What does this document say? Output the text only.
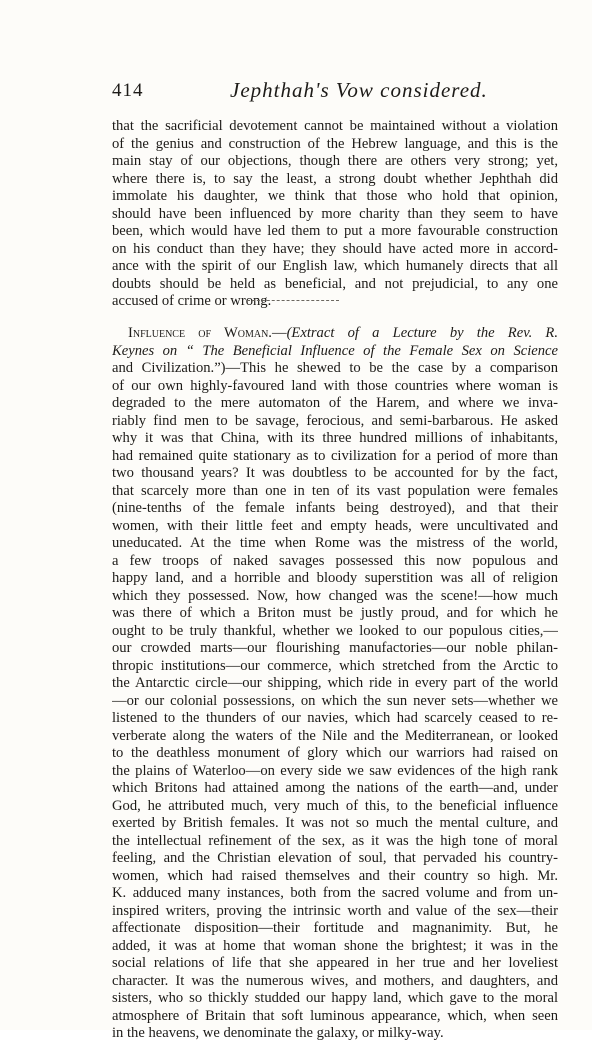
414	Jephthah's Vow considered.
that the sacrificial devotement cannot be maintained without a violation
of the genius and construction of the Hebrew language, and this is the
main stay of our objections, though there are others very strong; yet,
where there is, to say the least, a strong doubt whether Jephthah did
immolate his daughter, we think that those who hold that opinion,
should have been influenced by more charity than they seem to have
been, which would have led them to put a more favourable construction
on his conduct than they have; they should have acted more in accord-
ance with the spirit of our English law, which humanely directs that all
doubts should be held as beneficial, and not prejudicial, to any one
accused of crime or wrong.
Influence of Woman.—(Extract of a Lecture by the Rev. R.
Keynes on “ The Beneficial Influence of the Female Sex on Science
and Civilization.”)—This he shewed to be the case by a comparison
of our own highly-favoured land with those countries where woman is
degraded to the mere automaton of the Harem, and where we inva-
riably find men to be savage, ferocious, and semi-barbarous. He asked
why it was that China, with its three hundred millions of inhabitants,
had remained quite stationary as to civilization for a period of more than
two thousand years? It was doubtless to be accounted for by the fact,
that scarcely more than one in ten of its vast population were females
(nine-tenths of the female infants being destroyed), and that their
women, with their little feet and empty heads, were uncultivated and
uneducated. At the time when Rome was the mistress of the world,
a few troops of naked savages possessed this now populous and
happy land, and a horrible and bloody superstition was all of religion
which they possessed. Now, how changed was the scene!—how much
was there of which a Briton must be justly proud, and for which he
ought to be truly thankful, whether we looked to our populous cities,—
our crowded marts—our flourishing manufactories—our noble philan-
thropic institutions—our commerce, which stretched from the Arctic to
the Antarctic circle—our shipping, which ride in every part of the world
—or our colonial possessions, on which the sun never sets—whether we
listened to the thunders of our navies, which had scarcely ceased to re-
verberate along the waters of the Nile and the Mediterranean, or looked
to the deathless monument of glory which our warriors had raised on
the plains of Waterloo—on every side we saw evidences of the high rank
which Britons had attained among the nations of the earth—and, under
God, he attributed much, very much of this, to the beneficial influence
exerted by British females. It was not so much the mental culture, and
the intellectual refinement of the sex, as it was the high tone of moral
feeling, and the Christian elevation of soul, that pervaded his country-
women, which had raised themselves and their country so high. Mr.
K. adduced many instances, both from the sacred volume and from un-
inspired writers, proving the intrinsic worth and value of the sex—their
affectionate disposition—their fortitude and magnanimity. But, he
added, it was at home that woman shone the brightest; it was in the
social relations of life that she appeared in her true and her loveliest
character. It was the numerous wives, and mothers, and daughters, and
sisters, who so thickly studded our happy land, which gave to the moral
atmosphere of Britain that soft luminous appearance, which, when seen
in the heavens, we denominate the galaxy, or milky-way.
